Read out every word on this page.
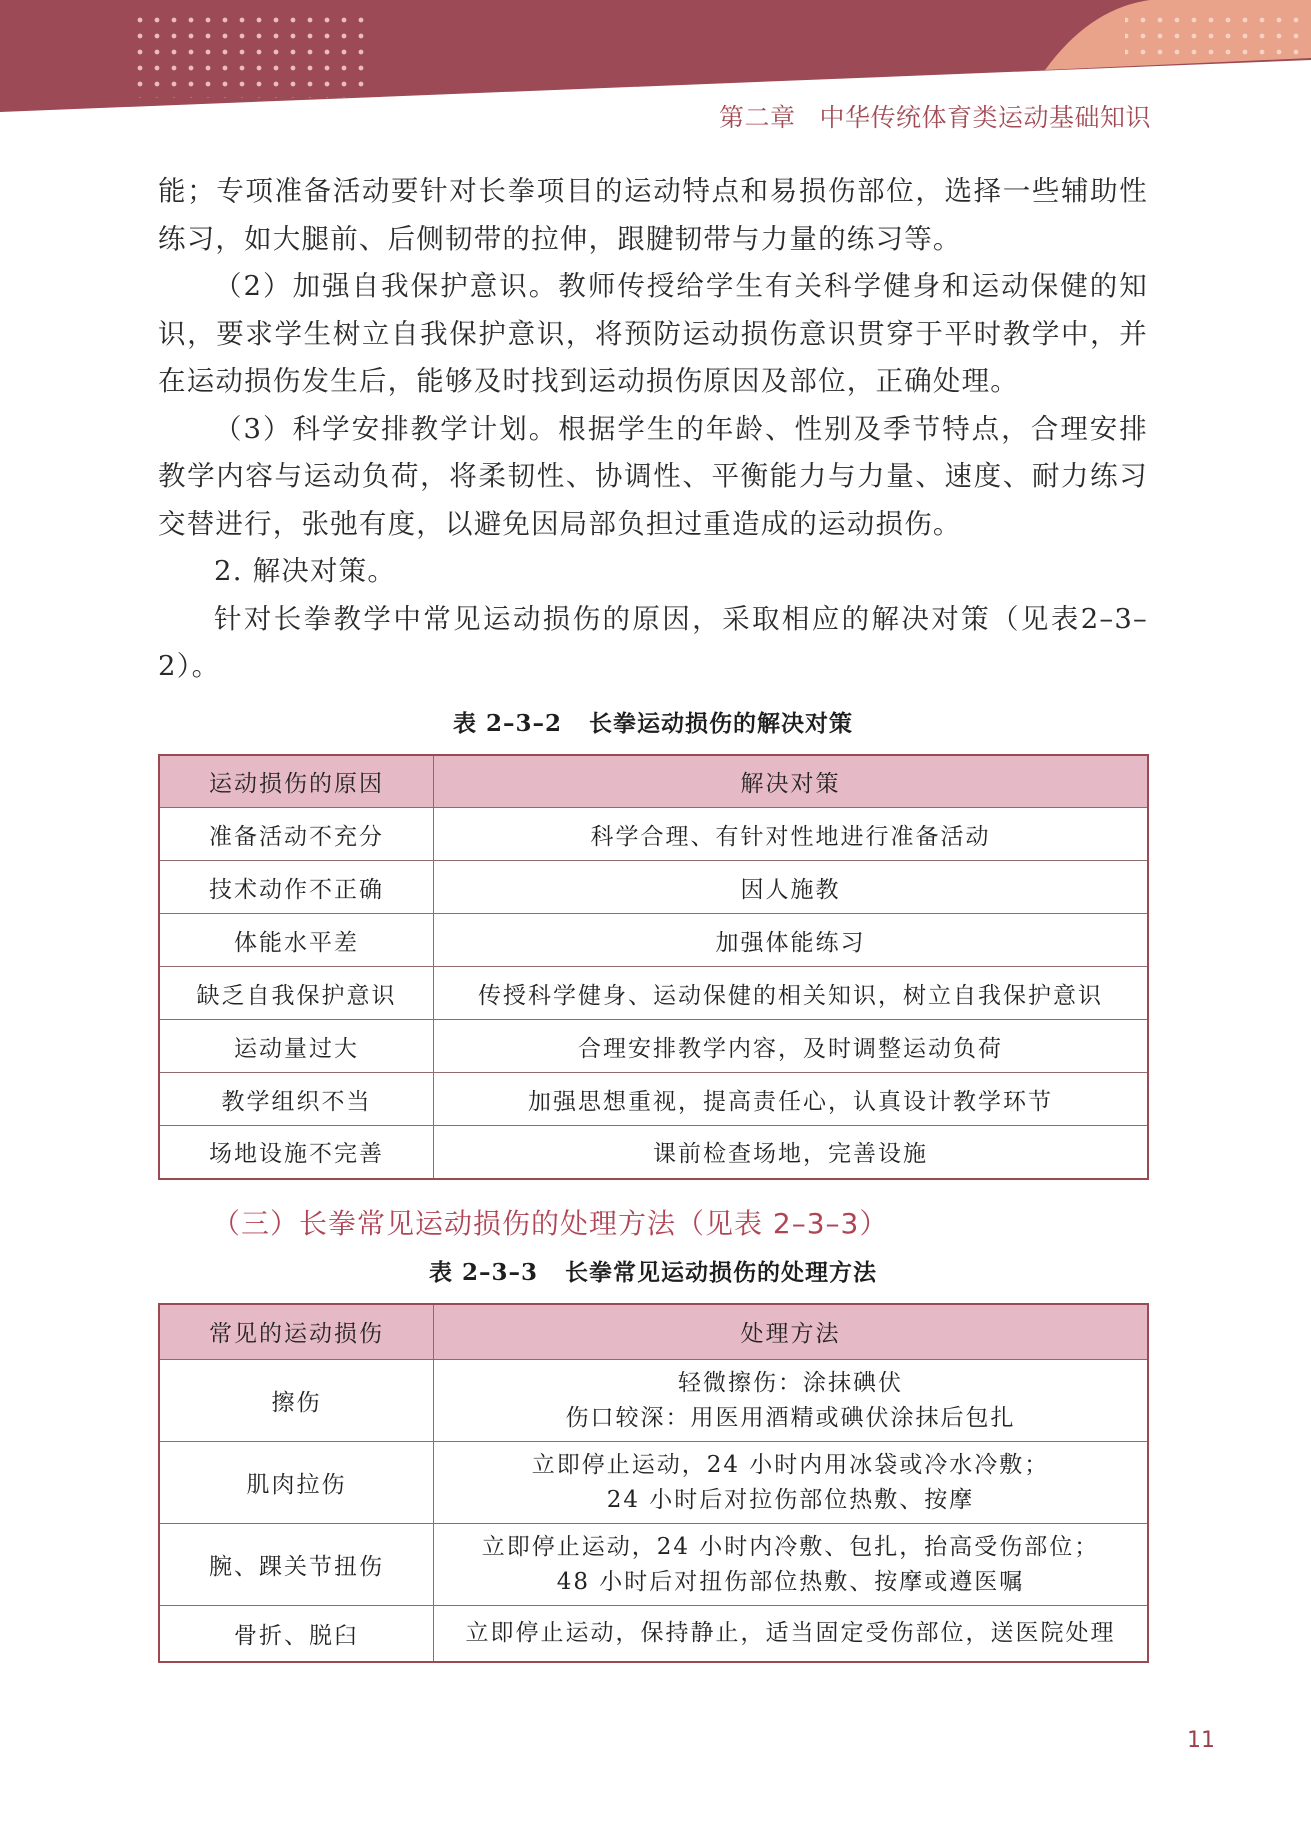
第二章 中华传统体育类运动基础知识

能；专项准备活动要针对长拳项目的运动特点和易损伤部位，选择一些辅助性练习，如大腿前、后侧韧带的拉伸，跟腱韧带与力量的练习等。

（2）加强自我保护意识。教师传授给学生有关科学健身和运动保健的知识，要求学生树立自我保护意识，将预防运动损伤意识贯穿于平时教学中，并在运动损伤发生后，能够及时找到运动损伤原因及部位，正确处理。

（3）科学安排教学计划。根据学生的年龄、性别及季节特点，合理安排教学内容与运动负荷，将柔韧性、协调性、平衡能力与力量、速度、耐力练习交替进行，张弛有度，以避免因局部负担过重造成的运动损伤。

2. 解决对策。

针对长拳教学中常见运动损伤的原因，采取相应的解决对策（见表2–3–2）。

表 2–3–2 长拳运动损伤的解决对策

运动损伤的原因	解决对策
准备活动不充分	科学合理、有针对性地进行准备活动
技术动作不正确	因人施教
体能水平差	加强体能练习
缺乏自我保护意识	传授科学健身、运动保健的相关知识，树立自我保护意识
运动量过大	合理安排教学内容，及时调整运动负荷
教学组织不当	加强思想重视，提高责任心，认真设计教学环节
场地设施不完善	课前检查场地，完善设施

（三）长拳常见运动损伤的处理方法（见表 2–3–3）

表 2–3–3 长拳常见运动损伤的处理方法

常见的运动损伤	处理方法
擦伤	轻微擦伤：涂抹碘伏
伤口较深：用医用酒精或碘伏涂抹后包扎

肌肉拉伤	立即停止运动，24 小时内用冰袋或冷水冷敷；
24 小时后对拉伤部位热敷、按摩

腕、踝关节扭伤	立即停止运动，24 小时内冷敷、包扎，抬高受伤部位；
48 小时后对扭伤部位热敷、按摩或遵医嘱

骨折、脱臼	立即停止运动，保持静止，适当固定受伤部位，送医院处理
11
